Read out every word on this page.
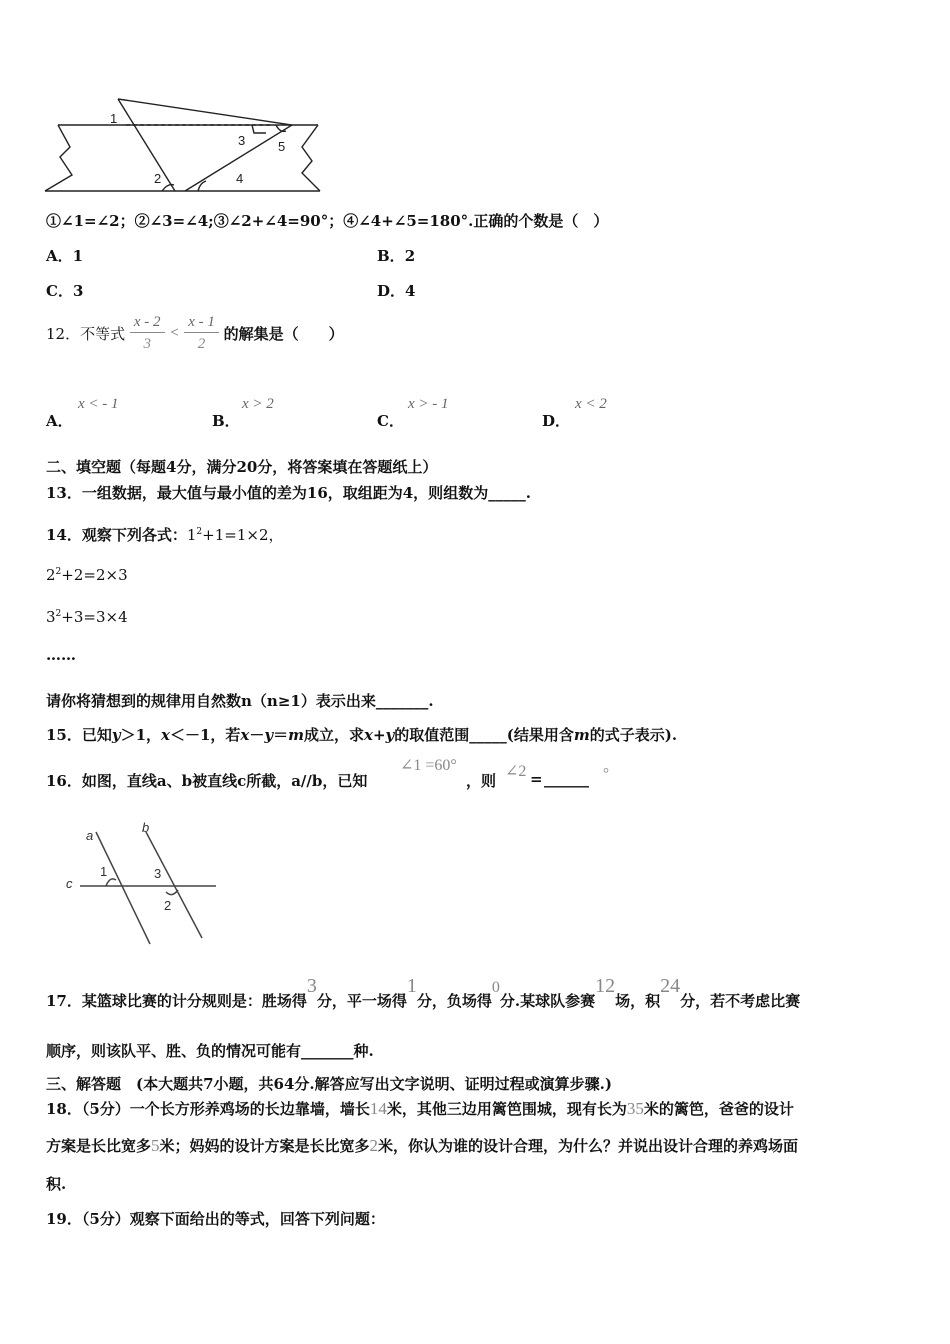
1
2
3
4
5
①∠1=∠2；②∠3=∠4;③∠2+∠4=90°；④∠4+∠5=180°.正确的个数是（　）
A．1	B．2
C．3	D．4
12．不等式 $\frac{x - 2}{3} < \frac{x - 1}{2}$ 的解集是（　　）
A．
x < - 1
B．
x > 2
C．
x > - 1
D．
x < 2
二、填空题（每题4分，满分20分，将答案填在答题纸上）
13．一组数据，最大值与最小值的差为16，取组距为4，则组数为_____.
14．观察下列各式：$1^2+1=1\times 2$，
$2^2+2=2\times 3$
$3^2+3=3\times 4$
……
请你将猜想到的规律用自然数n（n≥1）表示出来_______.
15．已知y＞1，x＜－1，若x－y＝m成立，求x+y的取值范围_____(结果用含m的式子表示).
16．如图，直线a、b被直线c所截，a//b，已知
∠1 =60°
，则
∠2 = ______ °
a
b
c
1	3
2
17．某篮球比赛的计分规则是：胜场得3分，平一场得1分，负场得0分.某球队参赛12场，积24分，若不考虑比赛
顺序，则该队平、胜、负的情况可能有_______种.
三、解答题　(本大题共7小题，共64分.解答应写出文字说明、证明过程或演算步骤.)
18．（5分）一个长方形养鸡场的长边靠墙，墙长14米，其他三边用篱笆围城，现有长为35米的篱笆，爸爸的设计
方案是长比宽多5米；妈妈的设计方案是长比宽多2米，你认为谁的设计合理，为什么？并说出设计合理的养鸡场面
积.
19．（5分）观察下面给出的等式，回答下列问题：
